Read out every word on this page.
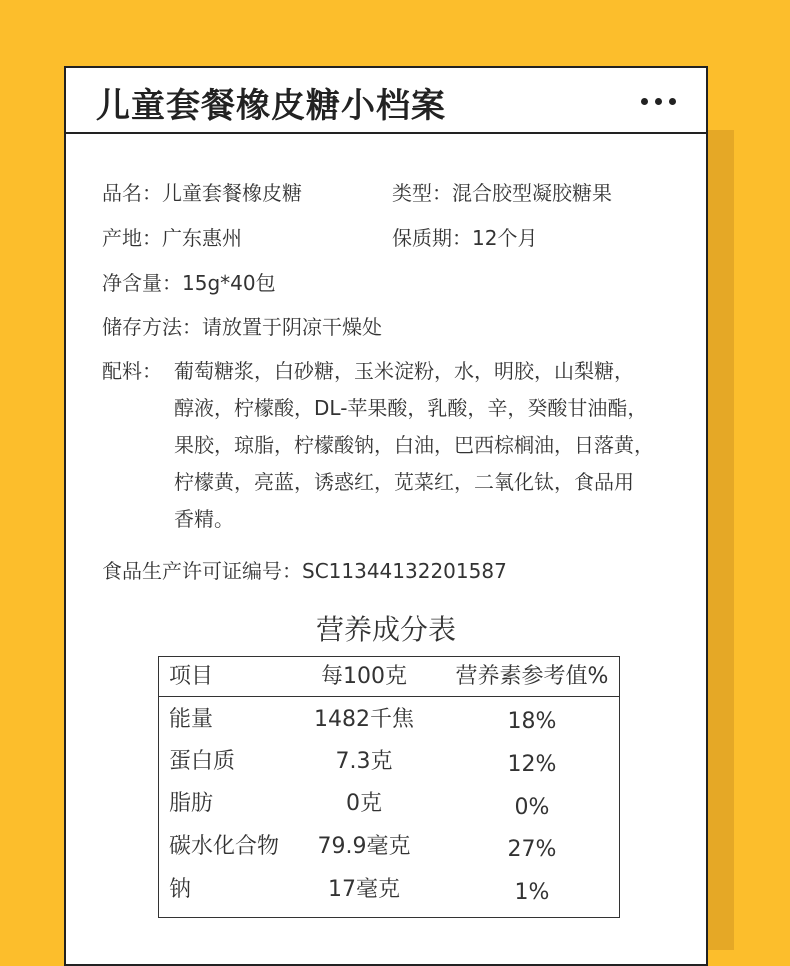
儿童套餐橡皮糖小档案
品名：儿童套餐橡皮糖	类型：混合胶型凝胶糖果
产地：广东惠州	保质期：12个月
净含量：15g*40包
储存方法：请放置于阴凉干燥处
配料： 葡萄糖浆，白砂糖，玉米淀粉，水，明胶，山梨糖，
醇液，柠檬酸，DL-苹果酸，乳酸，辛，癸酸甘油酯，
果胶，琼脂，柠檬酸钠，白油，巴西棕榈油，日落黄，
柠檬黄，亮蓝，诱惑红，苋菜红，二氧化钛，食品用
香精。
食品生产许可证编号：SC11344132201587
营养成分表
项目	每100克	营养素参考值%
能量	1482千焦	18%
蛋白质	7.3克	12%
脂肪	0克	0%
碳水化合物	79.9毫克	27%
钠	17毫克	1%
